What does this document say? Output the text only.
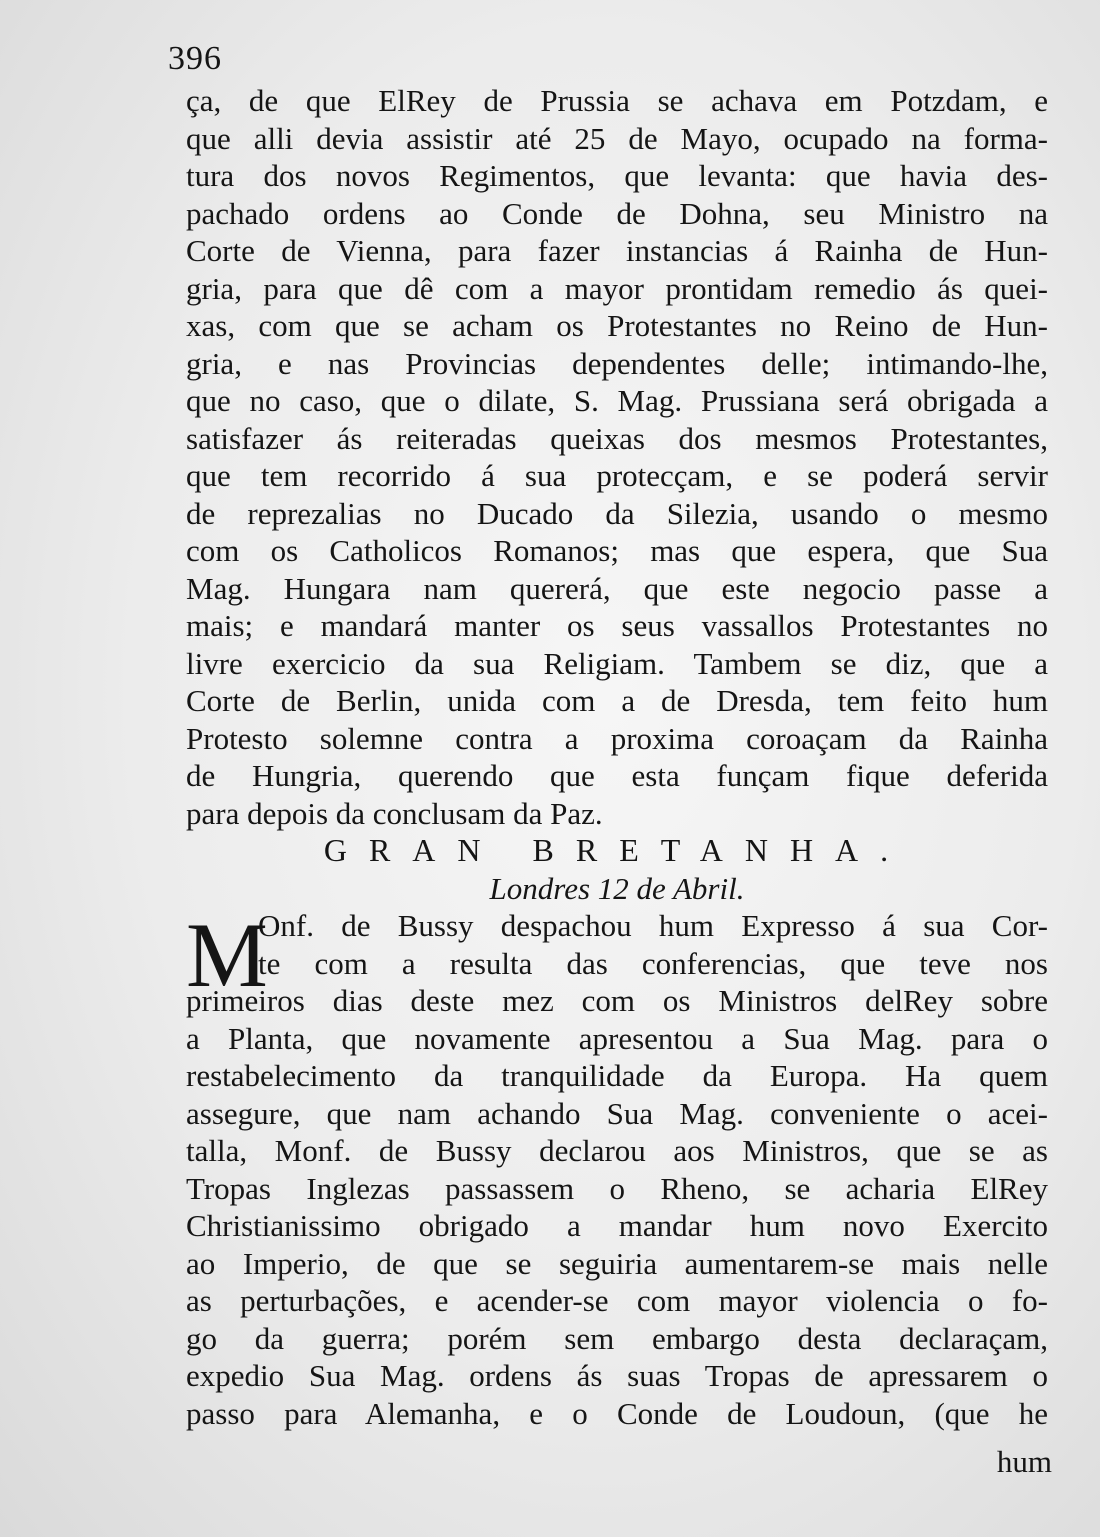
396
ça, de que ElRey de Prussia se achava em Potzdam, e
que alli devia assistir até 25 de Mayo, ocupado na forma-
tura dos novos Regimentos, que levanta: que havia des-
pachado ordens ao Conde de Dohna, seu Ministro na
Corte de Vienna, para fazer instancias á Rainha de Hun-
gria, para que dê com a mayor prontidam remedio ás quei-
xas, com que se acham os Protestantes no Reino de Hun-
gria, e nas Provincias dependentes delle; intimando-lhe,
que no caso, que o dilate, S. Mag. Prussiana será obrigada a
satisfazer ás reiteradas queixas dos mesmos Protestantes,
que tem recorrido á sua protecçam, e se poderá servir
de reprezalias no Ducado da Silezia, usando o mesmo
com os Catholicos Romanos; mas que espera, que Sua
Mag. Hungara nam quererá, que este negocio passe a
mais; e mandará manter os seus vassallos Protestantes no
livre exercicio da sua Religiam. Tambem se diz, que a
Corte de Berlin, unida com a de Dresda, tem feito hum
Protesto solemne contra a proxima coroaçam da Rainha
de Hungria, querendo que esta funçam fique deferida
para depois da conclusam da Paz.
GRAN BRETANHA.
Londres 12 de Abril.
M
Onf. de Bussy despachou hum Expresso á sua Cor-
te com a resulta das conferencias, que teve nos
primeiros dias deste mez com os Ministros delRey sobre
a Planta, que novamente apresentou a Sua Mag. para o
restabelecimento da tranquilidade da Europa. Ha quem
assegure, que nam achando Sua Mag. conveniente o acei-
talla, Monf. de Bussy declarou aos Ministros, que se as
Tropas Inglezas passassem o Rheno, se acharia ElRey
Christianissimo obrigado a mandar hum novo Exercito
ao Imperio, de que se seguiria aumentarem-se mais nelle
as perturbações, e acender-se com mayor violencia o fo-
go da guerra; porém sem embargo desta declaraçam,
expedio Sua Mag. ordens ás suas Tropas de apressarem o
passo para Alemanha, e o Conde de Loudoun, (que he
hum
